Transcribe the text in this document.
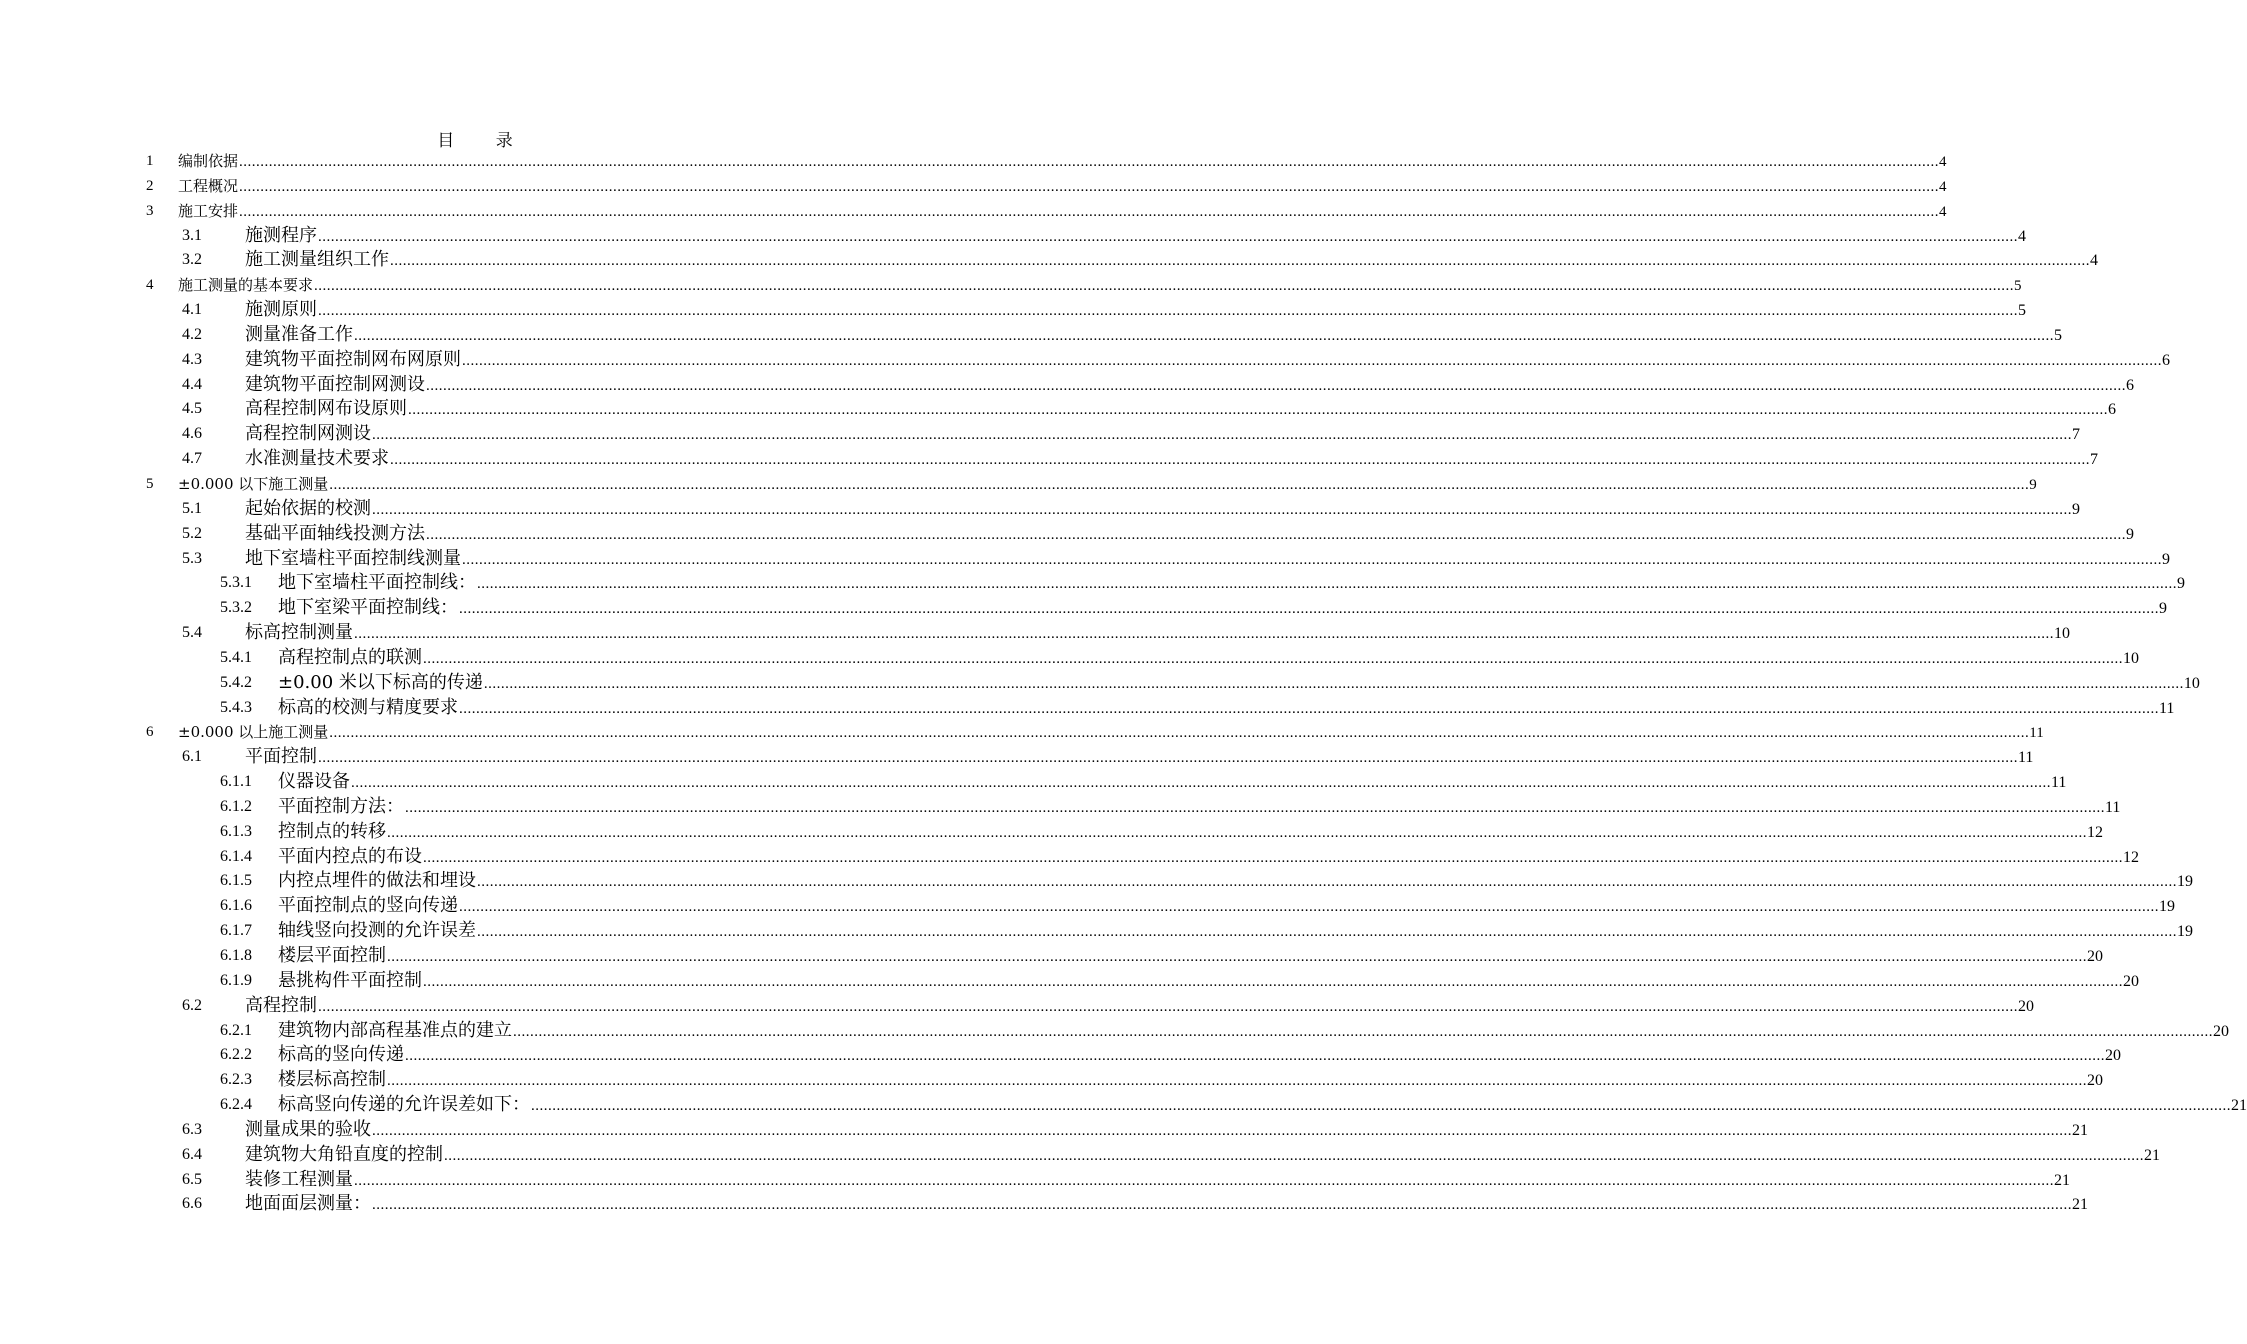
目 录
1 编制依据 ................................................................................................................................................................................................................................................................................................................................................................................................................ 4
2 工程概况 ................................................................................................................................................................................................................................................................................................................................................................................................................ 4
3 施工安排 ................................................................................................................................................................................................................................................................................................................................................................................................................ 4
3.1 施测程序 ................................................................................................................................................................................................................................................................................................................................................................................................................ 4
3.2 施工测量组织工作 ................................................................................................................................................................................................................................................................................................................................................................................................................ 4
4 施工测量的基本要求 ................................................................................................................................................................................................................................................................................................................................................................................................................ 5
4.1 施测原则 ................................................................................................................................................................................................................................................................................................................................................................................................................ 5
4.2 测量准备工作 ................................................................................................................................................................................................................................................................................................................................................................................................................ 5
4.3 建筑物平面控制网布网原则 ................................................................................................................................................................................................................................................................................................................................................................................................................ 6
4.4 建筑物平面控制网测设 ................................................................................................................................................................................................................................................................................................................................................................................................................ 6
4.5 高程控制网布设原则 ................................................................................................................................................................................................................................................................................................................................................................................................................ 6
4.6 高程控制网测设 ................................................................................................................................................................................................................................................................................................................................................................................................................ 7
4.7 水准测量技术要求 ................................................................................................................................................................................................................................................................................................................................................................................................................ 7
5 ±0.000 以下施工测量 ................................................................................................................................................................................................................................................................................................................................................................................................................ 9
5.1 起始依据的校测 ................................................................................................................................................................................................................................................................................................................................................................................................................ 9
5.2 基础平面轴线投测方法 ................................................................................................................................................................................................................................................................................................................................................................................................................ 9
5.3 地下室墙柱平面控制线测量 ................................................................................................................................................................................................................................................................................................................................................................................................................ 9
5.3.1 地下室墙柱平面控制线： ................................................................................................................................................................................................................................................................................................................................................................................................................ 9
5.3.2 地下室梁平面控制线： ................................................................................................................................................................................................................................................................................................................................................................................................................ 9
5.4 标高控制测量 ................................................................................................................................................................................................................................................................................................................................................................................................................ 10
5.4.1 高程控制点的联测 ................................................................................................................................................................................................................................................................................................................................................................................................................ 10
5.4.2 ±0.00 米以下标高的传递 ................................................................................................................................................................................................................................................................................................................................................................................................................ 10
5.4.3 标高的校测与精度要求 ................................................................................................................................................................................................................................................................................................................................................................................................................ 11
6 ±0.000 以上施工测量 ................................................................................................................................................................................................................................................................................................................................................................................................................ 11
6.1 平面控制 ................................................................................................................................................................................................................................................................................................................................................................................................................ 11
6.1.1 仪器设备 ................................................................................................................................................................................................................................................................................................................................................................................................................ 11
6.1.2 平面控制方法： ................................................................................................................................................................................................................................................................................................................................................................................................................ 11
6.1.3 控制点的转移 ................................................................................................................................................................................................................................................................................................................................................................................................................ 12
6.1.4 平面内控点的布设 ................................................................................................................................................................................................................................................................................................................................................................................................................ 12
6.1.5 内控点埋件的做法和埋设 ................................................................................................................................................................................................................................................................................................................................................................................................................ 19
6.1.6 平面控制点的竖向传递 ................................................................................................................................................................................................................................................................................................................................................................................................................ 19
6.1.7 轴线竖向投测的允许误差 ................................................................................................................................................................................................................................................................................................................................................................................................................ 19
6.1.8 楼层平面控制 ................................................................................................................................................................................................................................................................................................................................................................................................................ 20
6.1.9 悬挑构件平面控制 ................................................................................................................................................................................................................................................................................................................................................................................................................ 20
6.2 高程控制 ................................................................................................................................................................................................................................................................................................................................................................................................................ 20
6.2.1 建筑物内部高程基准点的建立 ................................................................................................................................................................................................................................................................................................................................................................................................................ 20
6.2.2 标高的竖向传递 ................................................................................................................................................................................................................................................................................................................................................................................................................ 20
6.2.3 楼层标高控制 ................................................................................................................................................................................................................................................................................................................................................................................................................ 20
6.2.4 标高竖向传递的允许误差如下： ................................................................................................................................................................................................................................................................................................................................................................................................................ 21
6.3 测量成果的验收 ................................................................................................................................................................................................................................................................................................................................................................................................................ 21
6.4 建筑物大角铅直度的控制 ................................................................................................................................................................................................................................................................................................................................................................................................................ 21
6.5 装修工程测量 ................................................................................................................................................................................................................................................................................................................................................................................................................ 21
6.6 地面面层测量： ................................................................................................................................................................................................................................................................................................................................................................................................................ 21
